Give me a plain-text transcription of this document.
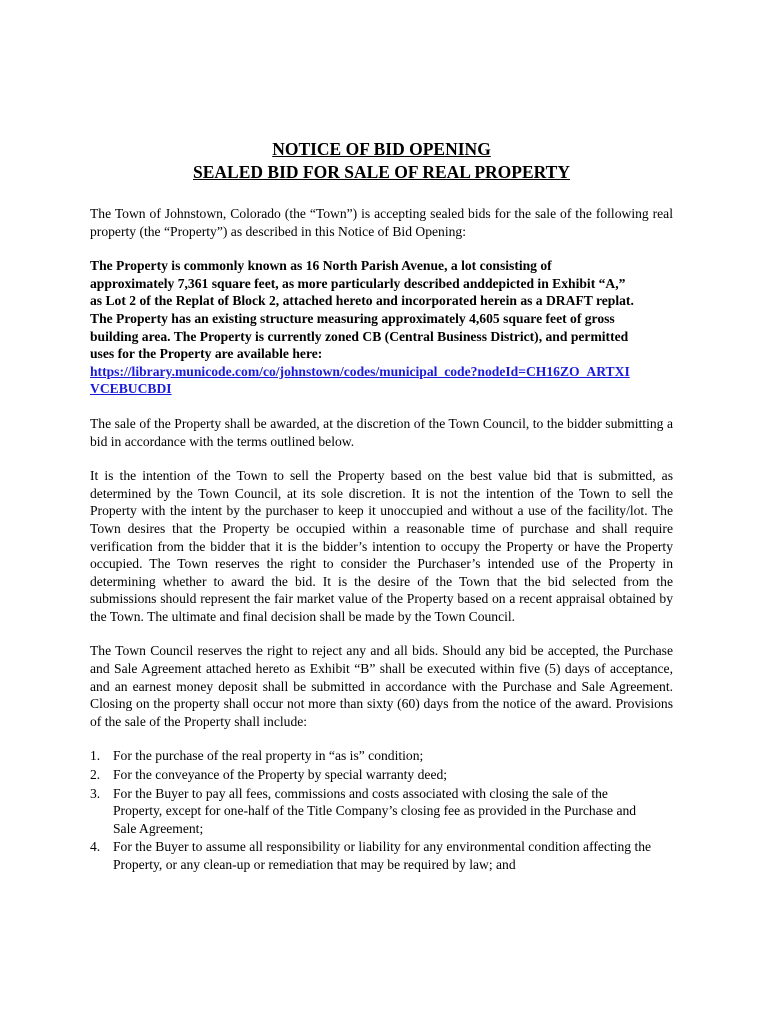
NOTICE OF BID OPENING
SEALED BID FOR SALE OF REAL PROPERTY

The Town of Johnstown, Colorado (the “Town”) is accepting sealed bids for the sale of the following real property (the “Property”) as described in this Notice of Bid Opening:

The Property is commonly known as 16 North Parish Avenue, a lot consisting of approximately 7,361 square feet, as more particularly described anddepicted in Exhibit “A,” as Lot 2 of the Replat of Block 2, attached hereto and incorporated herein as a DRAFT replat. The Property has an existing structure measuring approximately 4,605 square feet of gross building area. The Property is currently zoned CB (Central Business District), and permitted uses for the Property are available here:
https://library.municode.com/co/johnstown/codes/municipal_code?nodeId=CH16ZO_ARTXIVCEBUCBDI

The sale of the Property shall be awarded, at the discretion of the Town Council, to the bidder submitting a bid in accordance with the terms outlined below.

It is the intention of the Town to sell the Property based on the best value bid that is submitted, as determined by the Town Council, at its sole discretion. It is not the intention of the Town to sell the Property with the intent by the purchaser to keep it unoccupied and without a use of the facility/lot. The Town desires that the Property be occupied within a reasonable time of purchase and shall require verification from the bidder that it is the bidder’s intention to occupy the Property or have the Property occupied. The Town reserves the right to consider the Purchaser’s intended use of the Property in determining whether to award the bid. It is the desire of the Town that the bid selected from the submissions should represent the fair market value of the Property based on a recent appraisal obtained by the Town. The ultimate and final decision shall be made by the Town Council.

The Town Council reserves the right to reject any and all bids. Should any bid be accepted, the Purchase and Sale Agreement attached hereto as Exhibit “B” shall be executed within five (5) days of acceptance, and an earnest money deposit shall be submitted in accordance with the Purchase and Sale Agreement. Closing on the property shall occur not more than sixty (60) days from the notice of the award. Provisions of the sale of the Property shall include:

1. For the purchase of the real property in “as is” condition;
2. For the conveyance of the Property by special warranty deed;
3. For the Buyer to pay all fees, commissions and costs associated with closing the sale of the Property, except for one-half of the Title Company’s closing fee as provided in the Purchase and Sale Agreement;
4. For the Buyer to assume all responsibility or liability for any environmental condition affecting the Property, or any clean-up or remediation that may be required by law; and
